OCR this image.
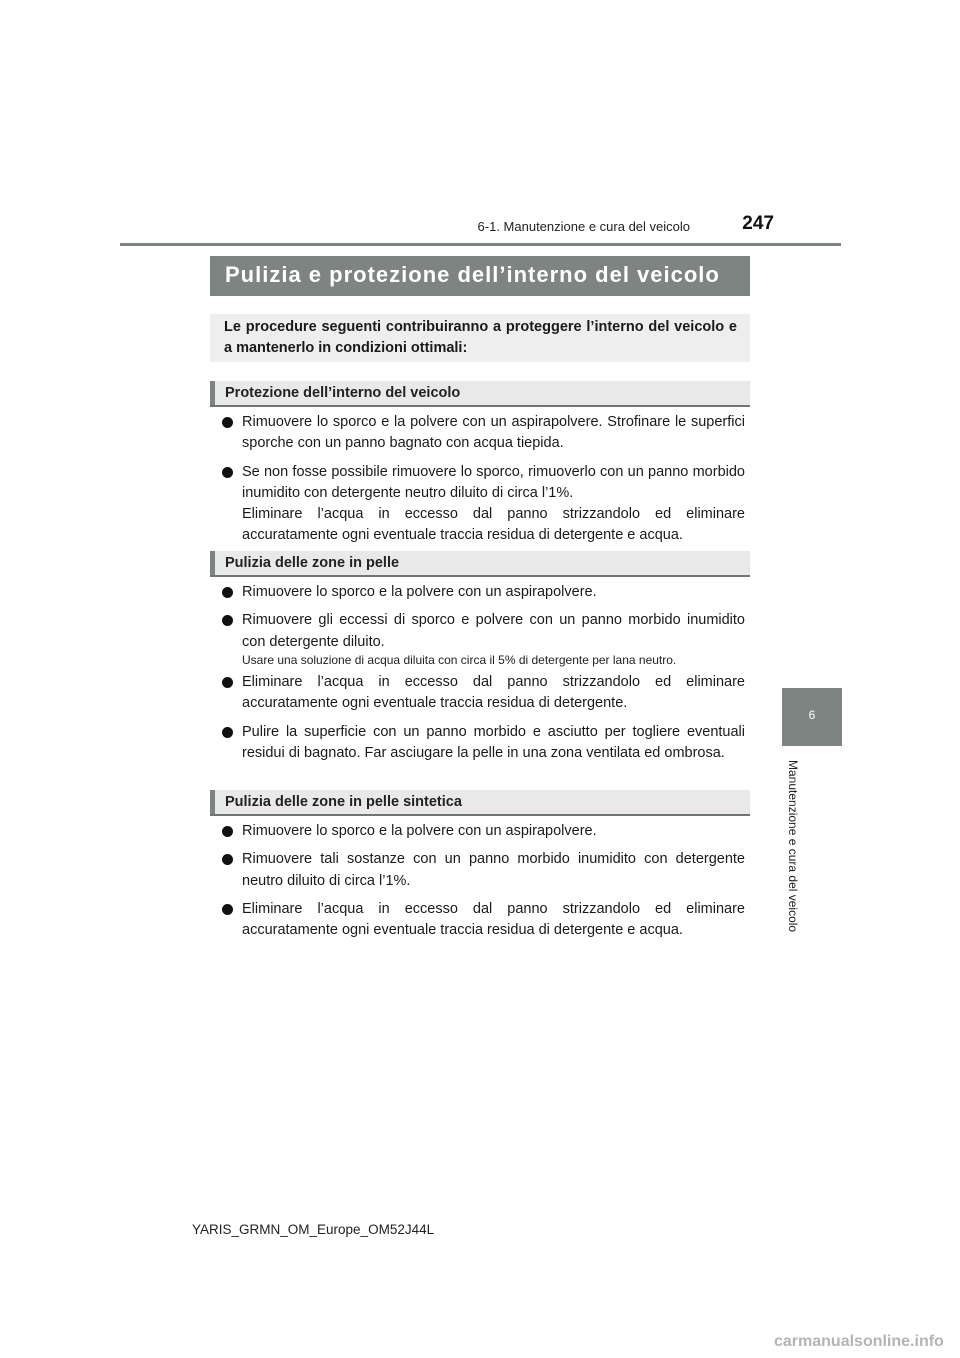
6-1. Manutenzione e cura del veicolo	247
Pulizia e protezione dell’interno del veicolo
Le procedure seguenti contribuiranno a proteggere l’interno del veicolo e a mantenerlo in condizioni ottimali:
Protezione dell’interno del veicolo
Rimuovere lo sporco e la polvere con un aspirapolvere. Strofinare le superfici sporche con un panno bagnato con acqua tiepida.
Se non fosse possibile rimuovere lo sporco, rimuoverlo con un panno morbido inumidito con detergente neutro diluito di circa l’1%.
Eliminare l’acqua in eccesso dal panno strizzandolo ed eliminare accuratamente ogni eventuale traccia residua di detergente e acqua.
Pulizia delle zone in pelle
Rimuovere lo sporco e la polvere con un aspirapolvere.
Rimuovere gli eccessi di sporco e polvere con un panno morbido inumidito con detergente diluito.
Usare una soluzione di acqua diluita con circa il 5% di detergente per lana neutro.
Eliminare l’acqua in eccesso dal panno strizzandolo ed eliminare accuratamente ogni eventuale traccia residua di detergente.
Pulire la superficie con un panno morbido e asciutto per togliere eventuali residui di bagnato. Far asciugare la pelle in una zona ventilata ed ombrosa.
Pulizia delle zone in pelle sintetica
Rimuovere lo sporco e la polvere con un aspirapolvere.
Rimuovere tali sostanze con un panno morbido inumidito con detergente neutro diluito di circa l’1%.
Eliminare l’acqua in eccesso dal panno strizzandolo ed eliminare accuratamente ogni eventuale traccia residua di detergente e acqua.
6
Manutenzione e cura del veicolo
YARIS_GRMN_OM_Europe_OM52J44L
carmanualsonline.info
